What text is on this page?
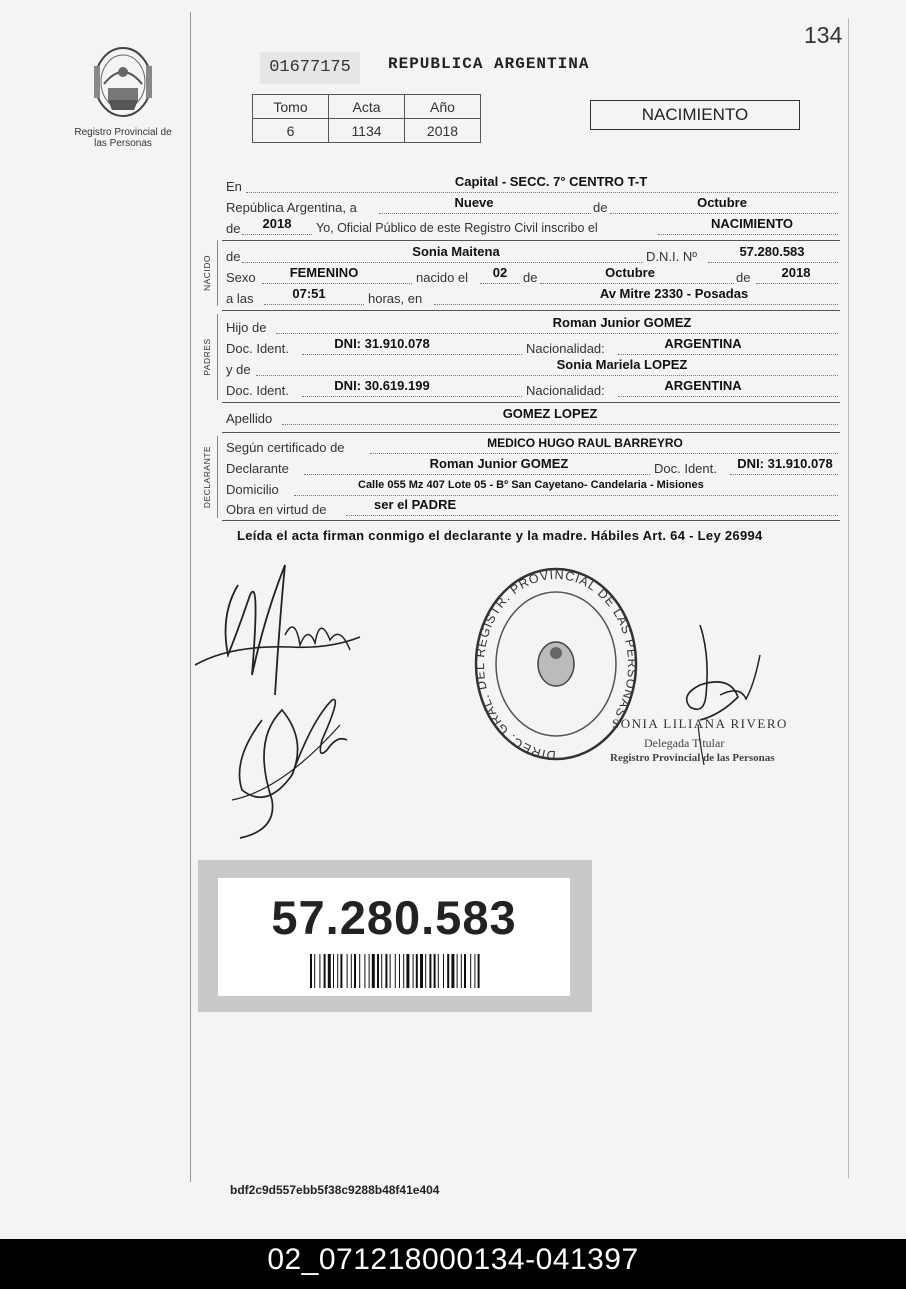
134
Registro Provincial de las Personas
01677175	REPUBLICA ARGENTINA
Tomo	Acta	Año
6	1134	2018
NACIMIENTO
NACIDO
PADRES
DECLARANTE
En	Capital - SECC. 7° CENTRO T-T
República Argentina, a	Nueve	de	Octubre
de	2018	Yo, Oficial Público de este Registro Civil inscribo el	NACIMIENTO
de	Sonia Maitena	D.N.I. Nº	57.280.583
Sexo	FEMENINO	nacido el	02	de	Octubre	de	2018
a las	07:51	horas, en	Av Mitre 2330 - Posadas
Hijo de	Roman Junior GOMEZ
Doc. Ident.	DNI: 31.910.078	Nacionalidad:	ARGENTINA
y de	Sonia Mariela LOPEZ
Doc. Ident.	DNI: 30.619.199	Nacionalidad:	ARGENTINA
Apellido	GOMEZ LOPEZ
Según certificado de	MEDICO HUGO RAUL BARREYRO
Declarante	Roman Junior GOMEZ	Doc. Ident.	DNI: 31.910.078
Domicilio	Calle 055 Mz 407 Lote 05 - Bº San Cayetano- Candelaria - Misiones
Obra en virtud de	ser el PADRE
Leída el acta firman conmigo el declarante y la madre. Hábiles Art. 64 - Ley 26994
DIREC. GRAL. DEL REGISTR. PROVINCIAL DE LAS PERSONAS
SONIA LILIANA RIVERO
Delegada Titular
Registro Provincial de las Personas
57.280.583
bdf2c9d557ebb5f38c9288b48f41e404
02_071218000134-041397
